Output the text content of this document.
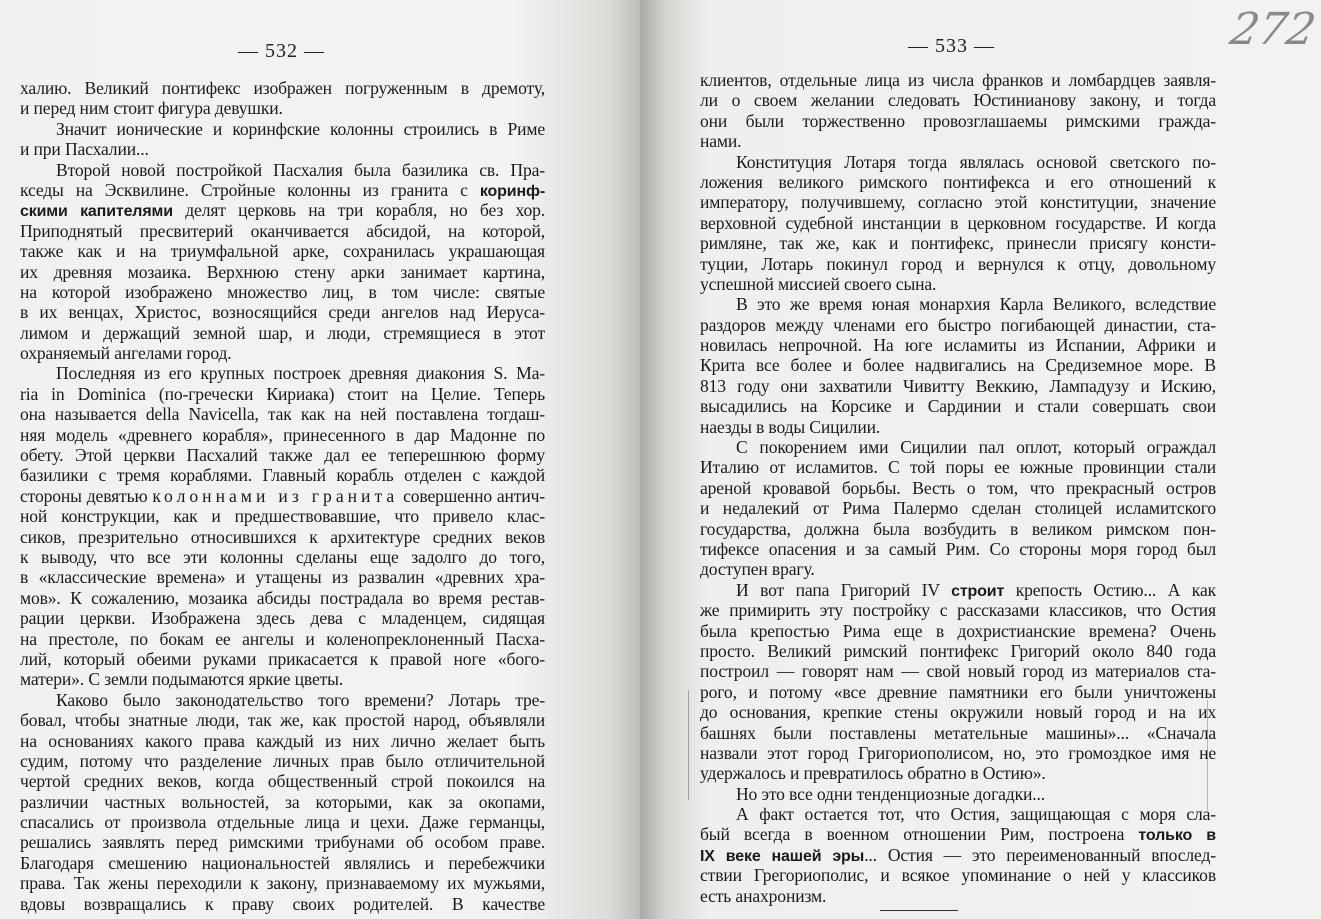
— 532 —
халию. Великий понтифекс изображен погруженным в дремоту,
и перед ним стоит фигура девушки.
Значит ионические и коринфские колонны строились в Риме
и при Пасхалии...
Второй новой постройкой Пасхалия была базилика св. Пра-
кседы на Эсквилине. Стройные колонны из гранита с коринф-
скими капителями делят церковь на три корабля, но без хор.
Приподнятый пресвитерий оканчивается абсидой, на которой,
также как и на триумфальной арке, сохранилась украшающая
их древняя мозаика. Верхнюю стену арки занимает картина,
на которой изображено множество лиц, в том числе: святые
в их венцах, Христос, возносящийся среди ангелов над Иеруса-
лимом и держащий земной шар, и люди, стремящиеся в этот
охраняемый ангелами город.
Последняя из его крупных построек древняя диакония S. Ma-
ria in Dominica (по-гречески Кириака) стоит на Целие. Теперь
она называется della Navicella, так как на ней поставлена тогдаш-
няя модель «древнего корабля», принесенного в дар Мадонне по
обету. Этой церкви Пасхалий также дал ее теперешнюю форму
базилики с тремя кораблями. Главный корабль отделен с каждой
стороны девятью колоннами из гранита совершенно антич-
ной конструкции, как и предшествовавшие, что привело клас-
сиков, презрительно относившихся к архитектуре средних веков
к выводу, что все эти колонны сделаны еще задолго до того,
в «классические времена» и утащены из развалин «древних хра-
мов». К сожалению, мозаика абсиды пострадала во время рестав-
рации церкви. Изображена здесь дева с младенцем, сидящая
на престоле, по бокам ее ангелы и коленопреклоненный Пасха-
лий, который обеими руками прикасается к правой ноге «бого-
матери». С земли подымаются яркие цветы.
Каково было законодательство того времени? Лотарь тре-
бовал, чтобы знатные люди, так же, как простой народ, объявляли
на основаниях какого права каждый из них лично желает быть
судим, потому что разделение личных прав было отличительной
чертой средних веков, когда общественный строй покоился на
различии частных вольностей, за которыми, как за окопами,
спасались от произвола отдельные лица и цехи. Даже германцы,
решались заявлять перед римскими трибунами об особом праве.
Благодаря смешению национальностей являлись и перебежчики
права. Так жены переходили к закону, признаваемому их мужьями,
вдовы возвращались к праву своих родителей. В качестве
— 533 —	272
клиентов, отдельные лица из числа франков и ломбардцев заявля-
ли о своем желании следовать Юстинианову закону, и тогда
они были торжественно провозглашаемы римскими гражда-
нами.
Конституция Лотаря тогда являлась основой светского по-
ложения великого римского понтифекса и его отношений к
императору, получившему, согласно этой конституции, значение
верховной судебной инстанции в церковном государстве. И когда
римляне, так же, как и понтифекс, принесли присягу консти-
туции, Лотарь покинул город и вернулся к отцу, довольному
успешной миссией своего сына.
В это же время юная монархия Карла Великого, вследствие
раздоров между членами его быстро погибающей династии, ста-
новилась непрочной. На юге исламиты из Испании, Африки и
Крита все более и более надвигались на Средиземное море. В
813 году они захватили Чивитту Веккию, Лампадузу и Искию,
высадились на Корсике и Сардинии и стали совершать свои
наезды в воды Сицилии.
С покорением ими Сицилии пал оплот, который ограждал
Италию от исламитов. С той поры ее южные провинции стали
ареной кровавой борьбы. Весть о том, что прекрасный остров
и недалекий от Рима Палермо сделан столицей исламитского
государства, должна была возбудить в великом римском пон-
тифексе опасения и за самый Рим. Со стороны моря город был
доступен врагу.
И вот папа Григорий IV строит крепость Остию... А как
же примирить эту постройку с рассказами классиков, что Остия
была крепостью Рима еще в дохристианские времена? Очень
просто. Великий римский понтифекс Григорий около 840 года
построил — говорят нам — свой новый город из материалов ста-
рого, и потому «все древние памятники его были уничтожены
до основания, крепкие стены окружили новый город и на их
башнях были поставлены метательные машины»... «Сначала
назвали этот город Григориополисом, но, это громоздкое имя не
удержалось и превратилось обратно в Остию».
Но это все одни тенденциозные догадки...
А факт остается тот, что Остия, защищающая с моря сла-
бый всегда в военном отношении Рим, построена только в
IX веке нашей эры... Остия — это переименованный впослед-
ствии Грегориополис, и всякое упоминание о ней у классиков
есть анахронизм.
